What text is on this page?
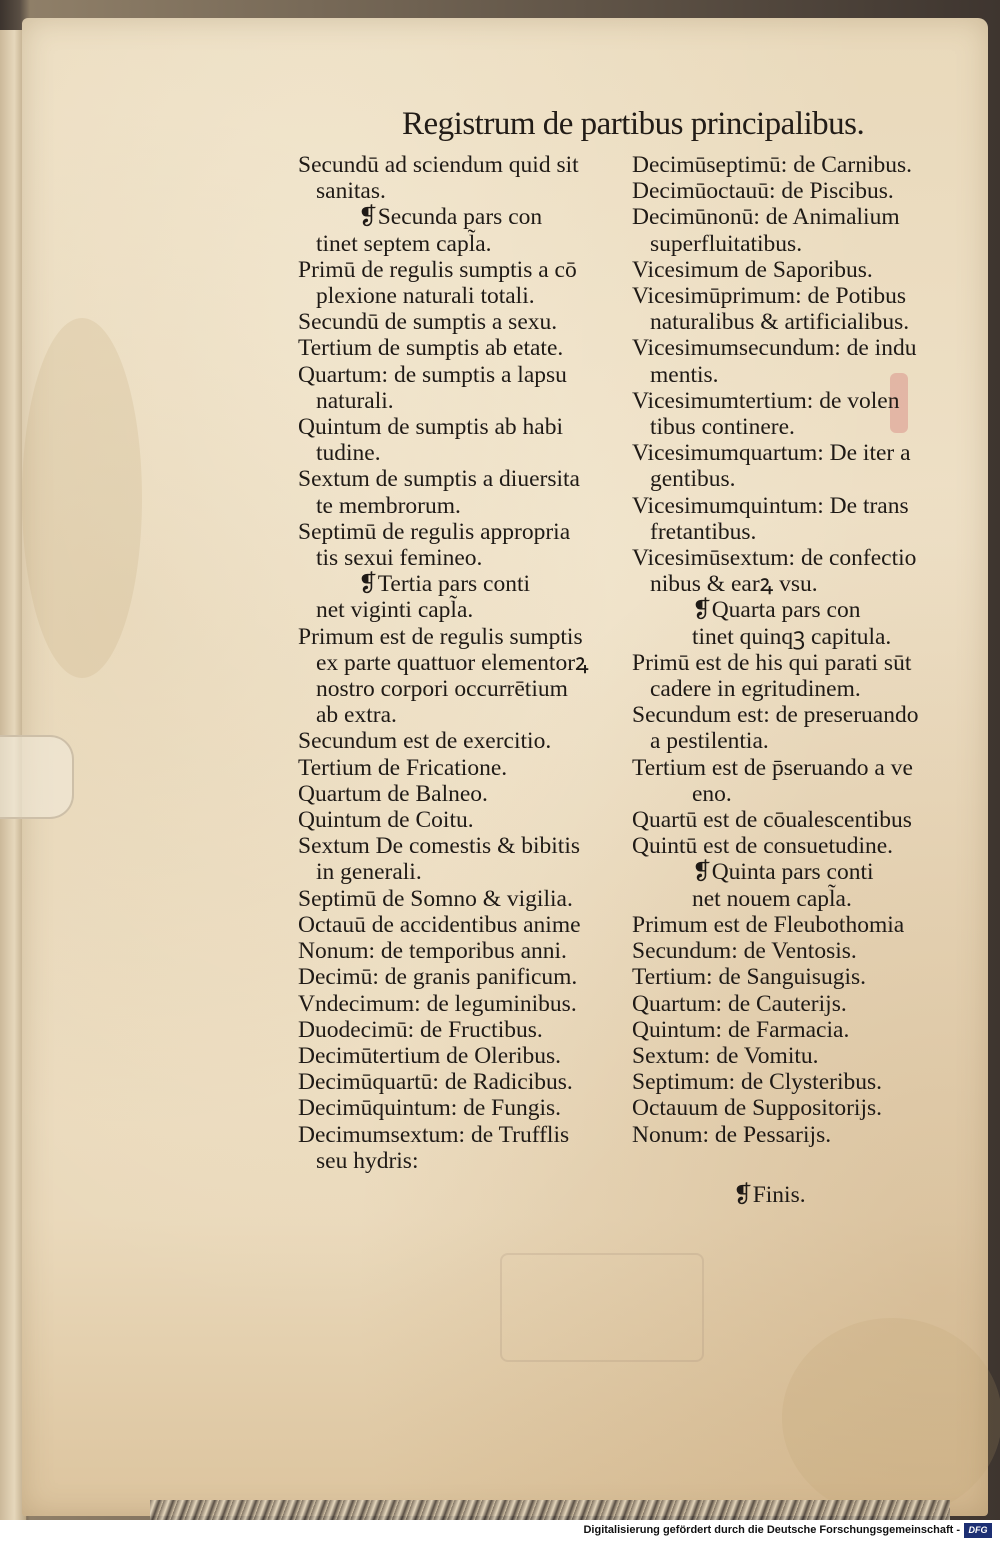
Registrum de partibus principalibus.
Secundū ad sciendum quid sit
sanitas.
❡Secunda pars con
tinet septem capl̃a.
Primū de regulis sumptis a cō
plexione naturali totali.
Secundū de sumptis a sexu.
Tertium de sumptis ab etate.
Quartum: de sumptis a lapsu
naturali.
Quintum de sumptis ab habi
tudine.
Sextum de sumptis a diuersita
te membrorum.
Septimū de regulis appropria
tis sexui femineo.
❡Tertia pars conti
net viginti capl̃a.
Primum est de regulis sumptis
ex parte quattuor elementorꝝ
nostro corpori occurrētium
ab extra.
Secundum est de exercitio.
Tertium de Fricatione.
Quartum de Balneo.
Quintum de Coitu.
Sextum De comestis & bibitis
in generali.
Septimū de Somno & vigilia.
Octauū de accidentibus anime
Nonum: de temporibus anni.
Decimū: de granis panificum.
Vndecimum: de leguminibus.
Duodecimū: de Fructibus.
Decimūtertium de Oleribus.
Decimūquartū: de Radicibus.
Decimūquintum: de Fungis.
Decimumsextum: de Trufflis
seu hydris:
Decimūseptimū: de Carnibus.
Decimūoctauū: de Piscibus.
Decimūnonū: de Animalium
superfluitatibus.
Vicesimum de Saporibus.
Vicesimūprimum: de Potibus
naturalibus & artificialibus.
Vicesimumsecundum: de indu
mentis.
Vicesimumtertium: de volen
tibus continere.
Vicesimumquartum: De iter a
gentibus.
Vicesimumquintum: De trans
fretantibus.
Vicesimūsextum: de confectio
nibus & earꝝ vsu.
❡Quarta pars con
tinet quinqꝫ capitula.
Primū est de his qui parati sūt
cadere in egritudinem.
Secundum est: de preseruando
a pestilentia.
Tertium est de p̄seruando a ve
eno.
Quartū est de cōualescentibus
Quintū est de consuetudine.
❡Quinta pars conti
net nouem capl̃a.
Primum est de Fleubothomia
Secundum: de Ventosis.
Tertium: de Sanguisugis.
Quartum: de Cauterijs.
Quintum: de Farmacia.
Sextum: de Vomitu.
Septimum: de Clysteribus.
Octauum de Suppositorijs.
Nonum: de Pessarijs.
❡Finis.
Digitalisierung gefördert durch die Deutsche Forschungsgemeinschaft - DFG
